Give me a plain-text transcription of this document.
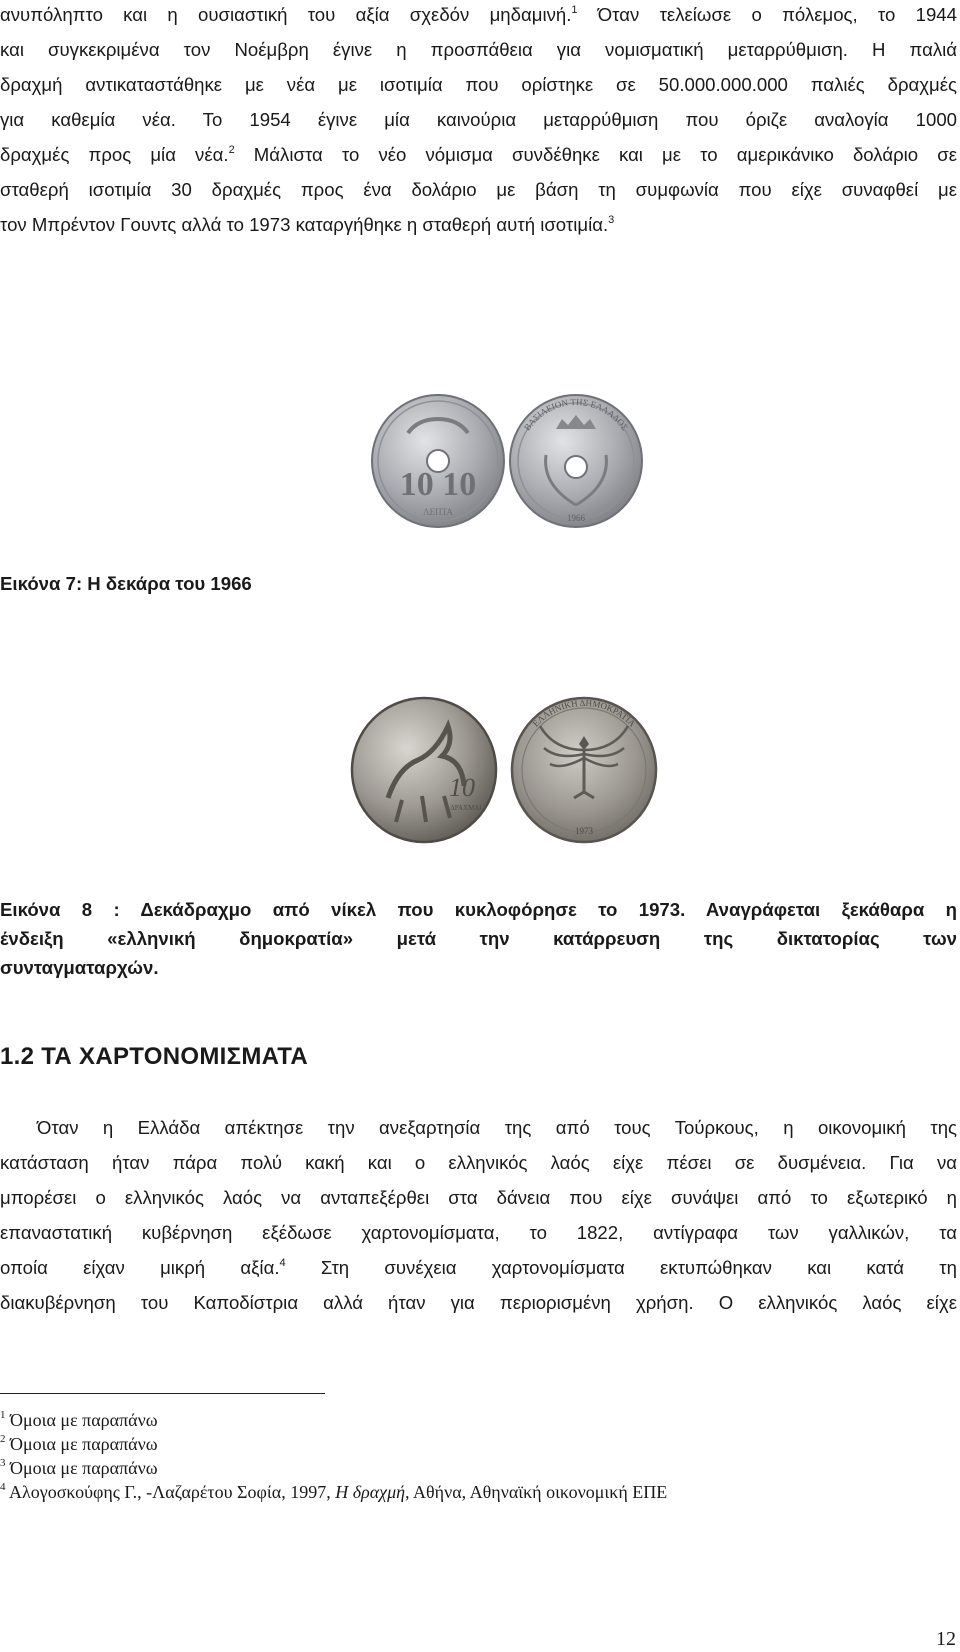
ανυπόληπτο και η ουσιαστική του αξία σχεδόν μηδαμινή.$^1$ Όταν τελείωσε ο πόλεμος, το 1944
και συγκεκριμένα τον Νοέμβρη έγινε η προσπάθεια για νομισματική μεταρρύθμιση. Η παλιά
δραχμή αντικαταστάθηκε με νέα με ισοτιμία που ορίστηκε σε 50.000.000.000 παλιές δραχμές
για καθεμία νέα. Το 1954 έγινε μία καινούρια μεταρρύθμιση που όριζε αναλογία 1000
δραχμές προς μία νέα.$^2$ Μάλιστα το νέο νόμισμα συνδέθηκε και με το αμερικάνικο δολάριο σε
σταθερή ισοτιμία 30 δραχμές προς ένα δολάριο με βάση τη συμφωνία που είχε συναφθεί με
τον Μπρέντον Γουντς αλλά το 1973 καταργήθηκε η σταθερή αυτή ισοτιμία.$^3$
10 10
ΛΕΠΤΑ
ΒΑΣΙΛΕΙΟΝ ΤΗΣ ΕΛΛΑΔΟΣ
1966
Εικόνα 7: Η δεκάρα του 1966
10
ΔΡΑΧΜΑΙ
ΕΛΛΗΝΙΚΗ ΔΗΜΟΚΡΑΤΙΑ
1973
Εικόνα 8 : Δεκάδραχμο από νίκελ που κυκλοφόρησε το 1973. Αναγράφεται ξεκάθαρα η
ένδειξη «ελληνική δημοκρατία» μετά την κατάρρευση της δικτατορίας των
συνταγματαρχών.
1.2 ΤΑ ΧΑΡΤΟΝΟΜΙΣΜΑΤΑ
Όταν η Ελλάδα απέκτησε την ανεξαρτησία της από τους Τούρκους, η οικονομική της
κατάσταση ήταν πάρα πολύ κακή και ο ελληνικός λαός είχε πέσει σε δυσμένεια. Για να
μπορέσει ο ελληνικός λαός να ανταπεξέρθει στα δάνεια που είχε συνάψει από το εξωτερικό η
επαναστατική κυβέρνηση εξέδωσε χαρτονομίσματα, το 1822, αντίγραφα των γαλλικών, τα
οποία είχαν μικρή αξία.$^4$ Στη συνέχεια χαρτονομίσματα εκτυπώθηκαν και κατά τη
διακυβέρνηση του Καποδίστρια αλλά ήταν για περιορισμένη χρήση. Ο ελληνικός λαός είχε
$^1$ Όμοια με παραπάνω
$^2$ Όμοια με παραπάνω
$^3$ Όμοια με παραπάνω
$^4$ Αλογοσκούφης Γ., -Λαζαρέτου Σοφία, 1997, Η δραχμή, Αθήνα, Αθηναϊκή οικονομική ΕΠΕ
12
